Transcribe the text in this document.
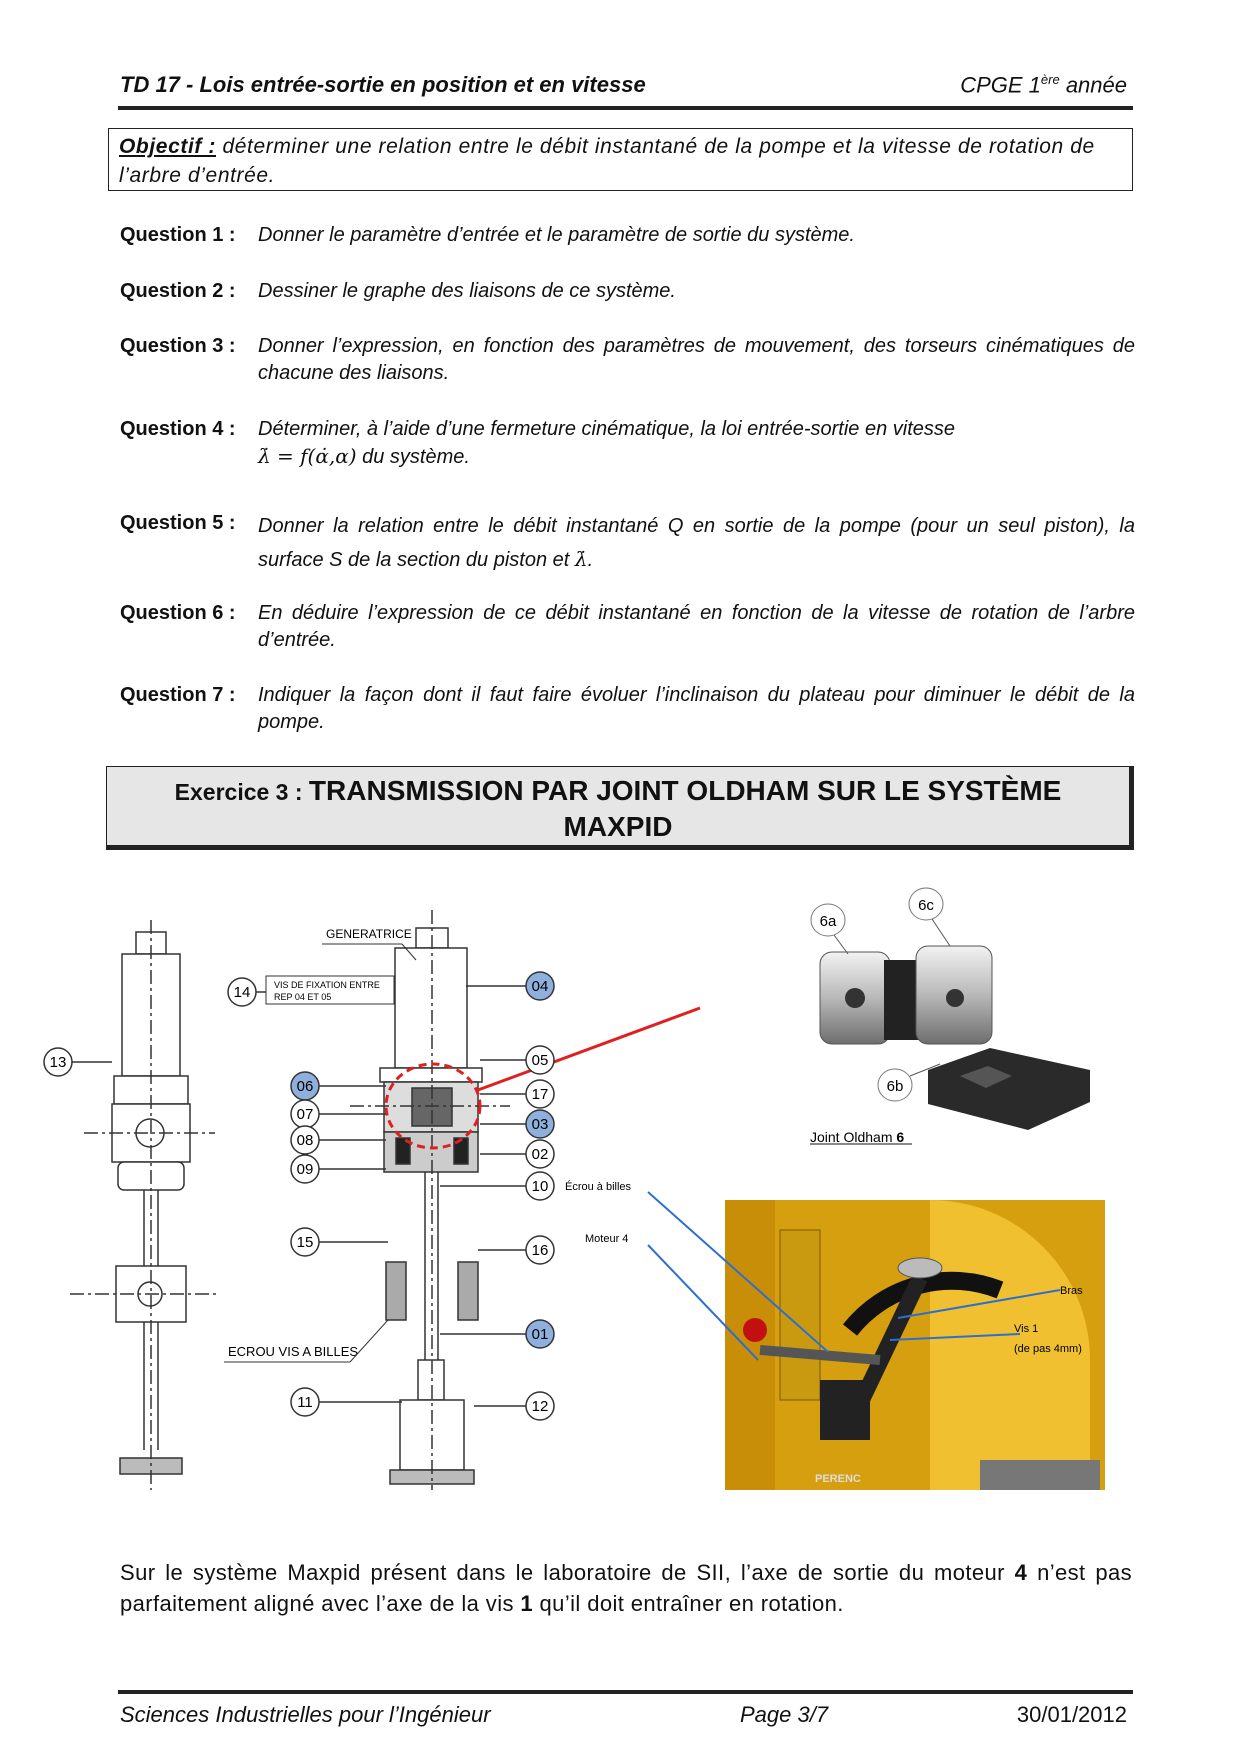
TD 17 - Lois entrée-sortie en position et en vitesse	CPGE 1ère année
Objectif : déterminer une relation entre le débit instantané de la pompe et la vitesse de rotation de l’arbre d’entrée.
Question 1 : Donner le paramètre d’entrée et le paramètre de sortie du système.
Question 2 : Dessiner le graphe des liaisons de ce système.
Question 3 : Donner l’expression, en fonction des paramètres de mouvement, des torseurs cinématiques de chacune des liaisons.
Question 4 : Déterminer, à l’aide d’une fermeture cinématique, la loi entrée-sortie en vitesse
λ̇ = f(α̇,α) du système.
Question 5 : Donner la relation entre le débit instantané Q en sortie de la pompe (pour un seul piston), la surface S de la section du piston et λ̇.
Question 6 : En déduire l’expression de ce débit instantané en fonction de la vitesse de rotation de l’arbre d’entrée.
Question 7 : Indiquer la façon dont il faut faire évoluer l’inclinaison du plateau pour diminuer le débit de la pompe.
Exercice 3 : TRANSMISSION PAR JOINT OLDHAM SUR LE SYSTÈME
MAXPID
GENERATRICE
VIS DE FIXATION ENTRE
REP 04 ET 05
ECROU VIS A BILLES
14
13
06
07
08
09
15
11
04
05
17
03
02
10
16
01
12
6a
6c
6b
Joint Oldham 6
Écrou à billes
Moteur 4
Bras
Vis 1
(de pas 4mm)
PERENC
Sur le système Maxpid présent dans le laboratoire de SII, l’axe de sortie du moteur 4 n’est pas parfaitement aligné avec l’axe de la vis 1 qu’il doit entraîner en rotation.
Sciences Industrielles pour l’Ingénieur	Page 3/7	30/01/2012
